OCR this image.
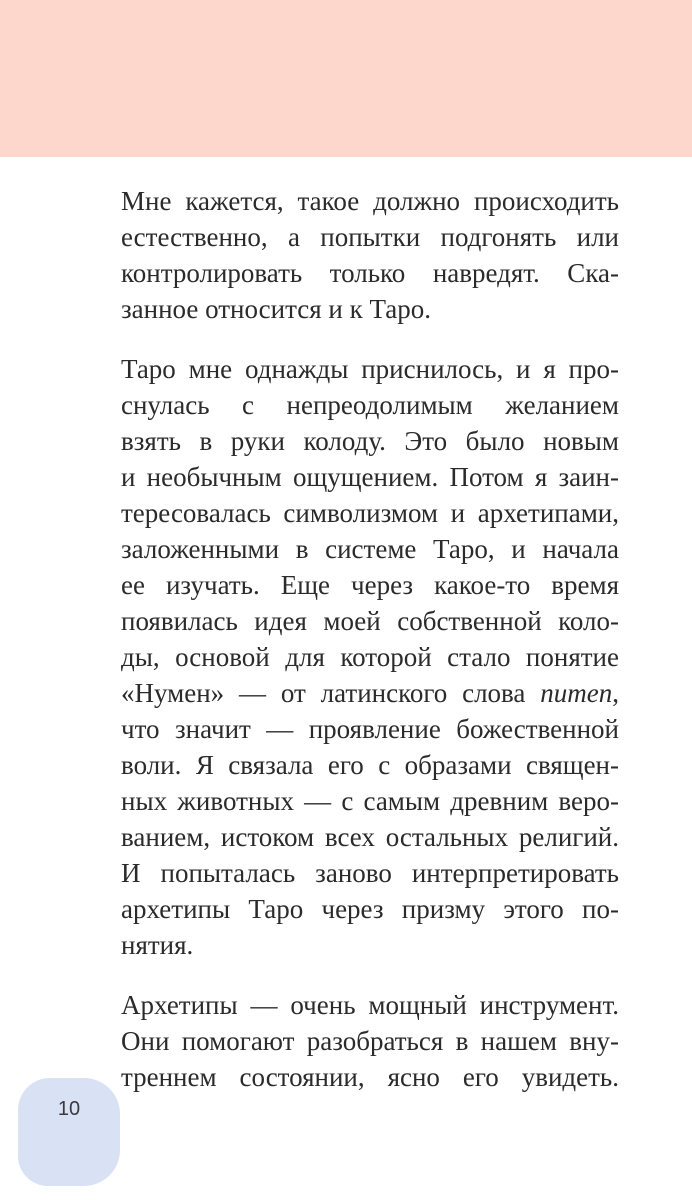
Мне кажется, такое должно происходить
естественно, а попытки подгонять или
контролировать только навредят. Ска-
занное относится и к Таро.
Таро мне однажды приснилось, и я про-
снулась с непреодолимым желанием
взять в руки колоду. Это было новым
и необычным ощущением. Потом я заин-
тересовалась символизмом и архетипами,
заложенными в системе Таро, и начала
ее изучать. Еще через какое-то время
появилась идея моей собственной коло-
ды, основой для которой стало понятие
«Нумен» — от латинского слова numen,
что значит — проявление божественной
воли. Я связала его с образами священ-
ных животных — с самым древним веро-
ванием, истоком всех остальных религий.
И попыталась заново интерпретировать
архетипы Таро через призму этого по-
нятия.
Архетипы — очень мощный инструмент.
Они помогают разобраться в нашем вну-
треннем состоянии, ясно его увидеть.
10
